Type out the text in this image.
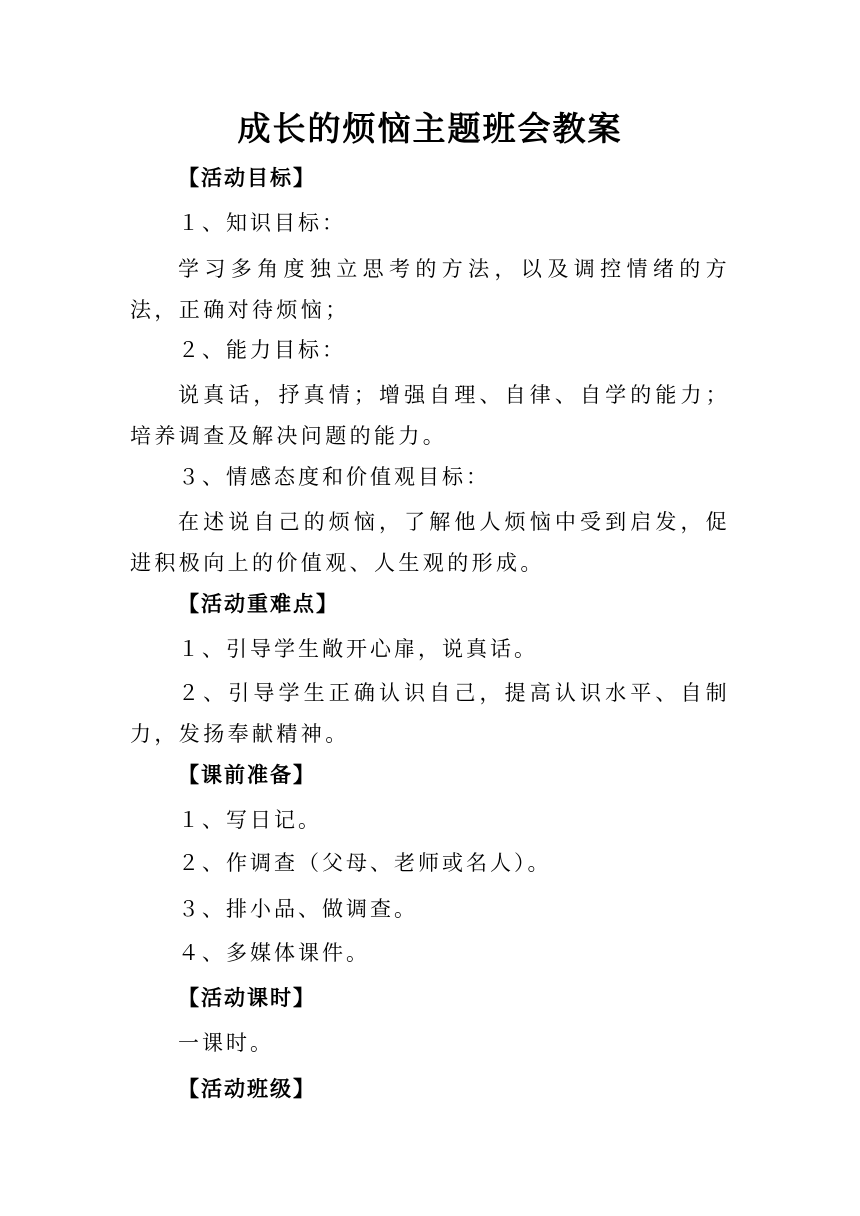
成长的烦恼主题班会教案

【活动目标】

１、知识目标：

学习多角度独立思考的方法，以及调控情绪的方法，正确对待烦恼；

２、能力目标：

说真话，抒真情；增强自理、自律、自学的能力；培养调查及解决问题的能力。

３、情感态度和价值观目标：

在述说自己的烦恼，了解他人烦恼中受到启发，促进积极向上的价值观、人生观的形成。

【活动重难点】

１、引导学生敞开心扉，说真话。

２、引导学生正确认识自己，提高认识水平、自制力，发扬奉献精神。

【课前准备】

１、写日记。

２、作调查（父母、老师或名人）。

３、排小品、做调查。

４、多媒体课件。

【活动课时】

一课时。

【活动班级】
